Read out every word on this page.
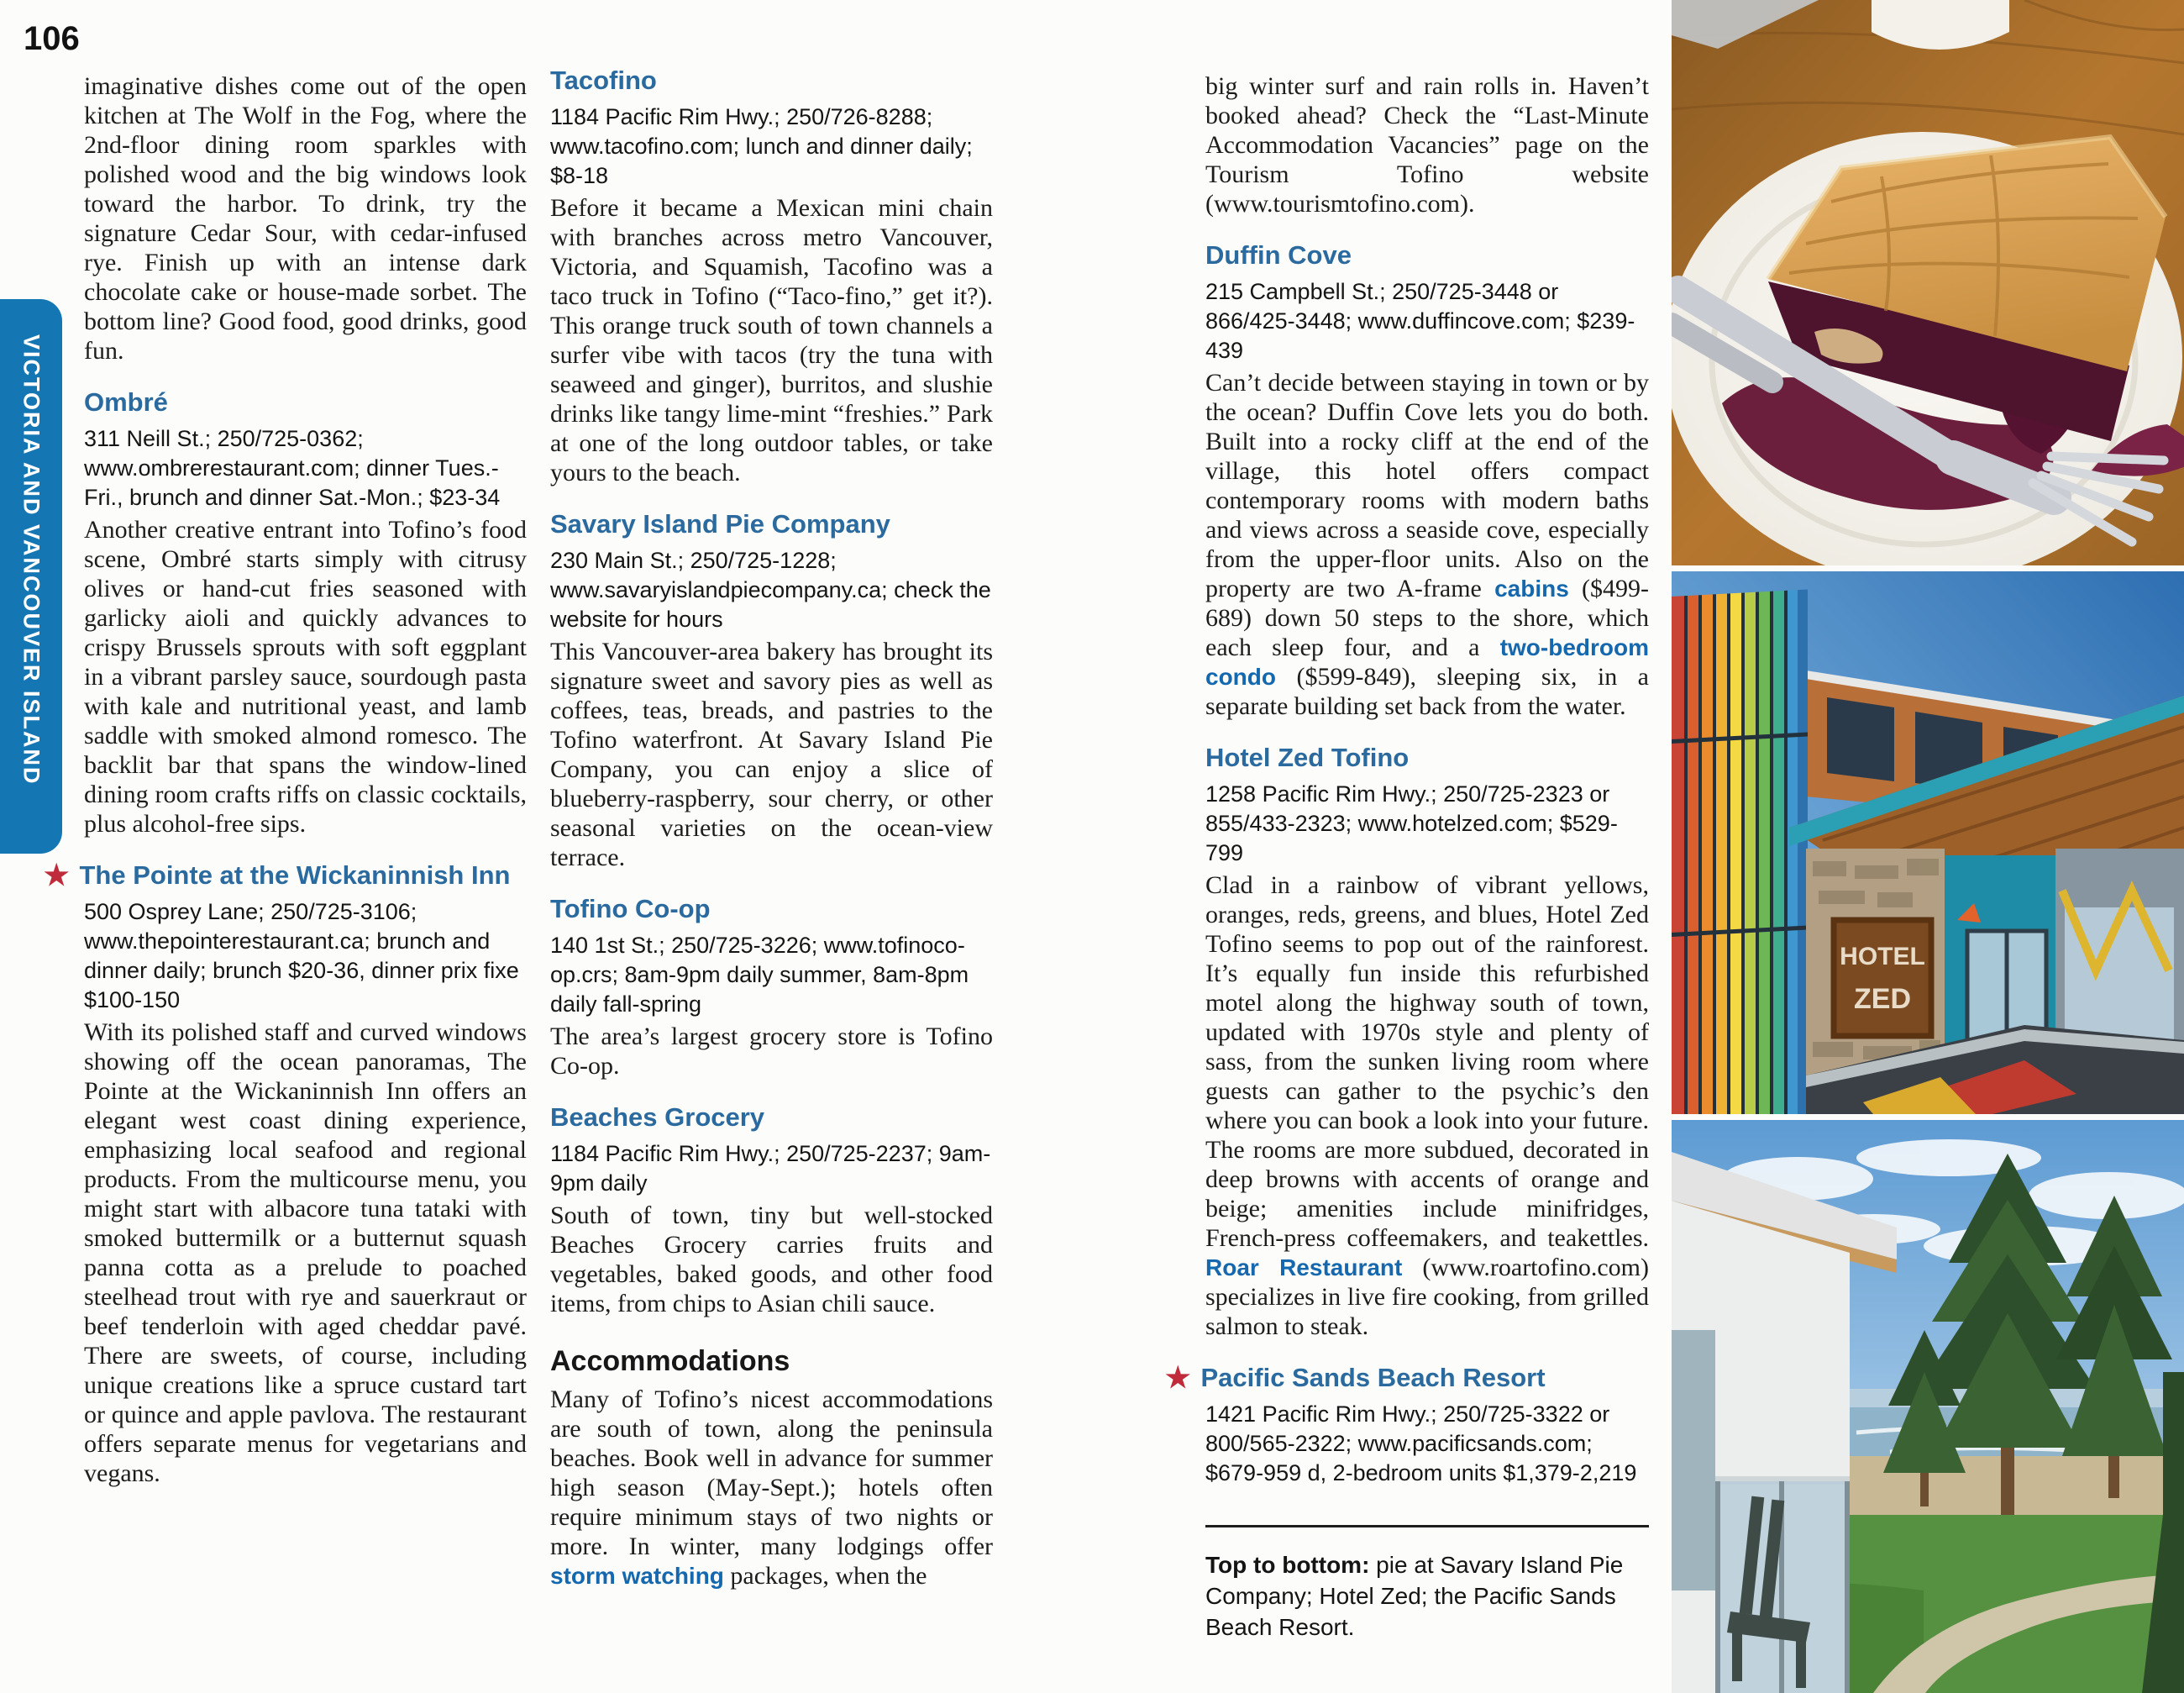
106
VICTORIA AND VANCOUVER ISLAND

imaginative dishes come out of the open kitchen at The Wolf in the Fog, where the 2nd-floor dining room sparkles with polished wood and the big windows look toward the harbor. To drink, try the signature Cedar Sour, with cedar-infused rye. Finish up with an intense dark chocolate cake or house-made sorbet. The bottom line? Good food, good drinks, good fun.

Ombré

311 Neill St.; 250/725-0362; www.ombrerestaurant.com; dinner Tues.-Fri., brunch and dinner Sat.-Mon.; $23-34

Another creative entrant into Tofino’s food scene, Ombré starts simply with citrusy olives or hand-cut fries seasoned with garlicky aioli and quickly advances to crispy Brussels sprouts with soft eggplant in a vibrant parsley sauce, sourdough pasta with kale and nutritional yeast, and lamb saddle with smoked almond romesco. The backlit bar that spans the window-lined dining room crafts riffs on classic cocktails, plus alcohol-free sips.

★ The Pointe at the Wickaninnish Inn

500 Osprey Lane; 250/725-3106; www.thepointerestaurant.ca; brunch and dinner daily; brunch $20-36, dinner prix fixe $100-150

With its polished staff and curved windows showing off the ocean panoramas, The Pointe at the Wickaninnish Inn offers an elegant west coast dining experience, emphasizing local seafood and regional products. From the multicourse menu, you might start with albacore tuna tataki with smoked buttermilk or a butternut squash panna cotta as a prelude to poached steelhead trout with rye and sauerkraut or beef tenderloin with aged cheddar pavé. There are sweets, of course, including unique creations like a spruce custard tart or quince and apple pavlova. The restaurant offers separate menus for vegetarians and vegans.

Tacofino

1184 Pacific Rim Hwy.; 250/726-8288; www.tacofino.com; lunch and dinner daily; $8-18

Before it became a Mexican mini chain with branches across metro Vancouver, Victoria, and Squamish, Tacofino was a taco truck in Tofino (“Taco-fino,” get it?). This orange truck south of town channels a surfer vibe with tacos (try the tuna with seaweed and ginger), burritos, and slushie drinks like tangy lime-mint “freshies.” Park at one of the long outdoor tables, or take yours to the beach.

Savary Island Pie Company

230 Main St.; 250/725-1228; www.savaryislandpiecompany.ca; check the website for hours

This Vancouver-area bakery has brought its signature sweet and savory pies as well as coffees, teas, breads, and pastries to the Tofino waterfront. At Savary Island Pie Company, you can enjoy a slice of blueberry-raspberry, sour cherry, or other seasonal varieties on the ocean-view terrace.

Tofino Co-op

140 1st St.; 250/725-3226; www.tofinoco-op.crs; 8am-9pm daily summer, 8am-8pm daily fall-spring

The area’s largest grocery store is Tofino Co-op.

Beaches Grocery

1184 Pacific Rim Hwy.; 250/725-2237; 9am-9pm daily

South of town, tiny but well-stocked Beaches Grocery carries fruits and vegetables, baked goods, and other food items, from chips to Asian chili sauce.

Accommodations

Many of Tofino’s nicest accommodations are south of town, along the peninsula beaches. Book well in advance for summer high season (May-Sept.); hotels often require minimum stays of two nights or more. In winter, many lodgings offer storm watching packages, when the

big winter surf and rain rolls in. Haven’t booked ahead? Check the “Last-Minute Accommodation Vacancies” page on the Tourism Tofino website (www.tourismtofino.com).

Duffin Cove

215 Campbell St.; 250/725-3448 or 866/425-3448; www.duffincove.com; $239-439

Can’t decide between staying in town or by the ocean? Duffin Cove lets you do both. Built into a rocky cliff at the end of the village, this hotel offers compact contemporary rooms with modern baths and views across a seaside cove, especially from the upper-floor units. Also on the property are two A-frame cabins ($499-689) down 50 steps to the shore, which each sleep four, and a two-bedroom condo ($599-849), sleeping six, in a separate building set back from the water.

Hotel Zed Tofino

1258 Pacific Rim Hwy.; 250/725-2323 or 855/433-2323; www.hotelzed.com; $529-799

Clad in a rainbow of vibrant yellows, oranges, reds, greens, and blues, Hotel Zed Tofino seems to pop out of the rainforest. It’s equally fun inside this refurbished motel along the highway south of town, updated with 1970s style and plenty of sass, from the sunken living room where guests can gather to the psychic’s den where you can book a look into your future. The rooms are more subdued, decorated in deep browns with accents of orange and beige; amenities include minifridges, French-press coffeemakers, and teakettles. Roar Restaurant (www.roartofino.com) specializes in live fire cooking, from grilled salmon to steak.

★ Pacific Sands Beach Resort

1421 Pacific Rim Hwy.; 250/725-3322 or 800/565-2322; www.pacificsands.com; $679-959 d, 2-bedroom units $1,379-2,219

Top to bottom: pie at Savary Island Pie Company; Hotel Zed; the Pacific Sands Beach Resort.

HOTEL
ZED
